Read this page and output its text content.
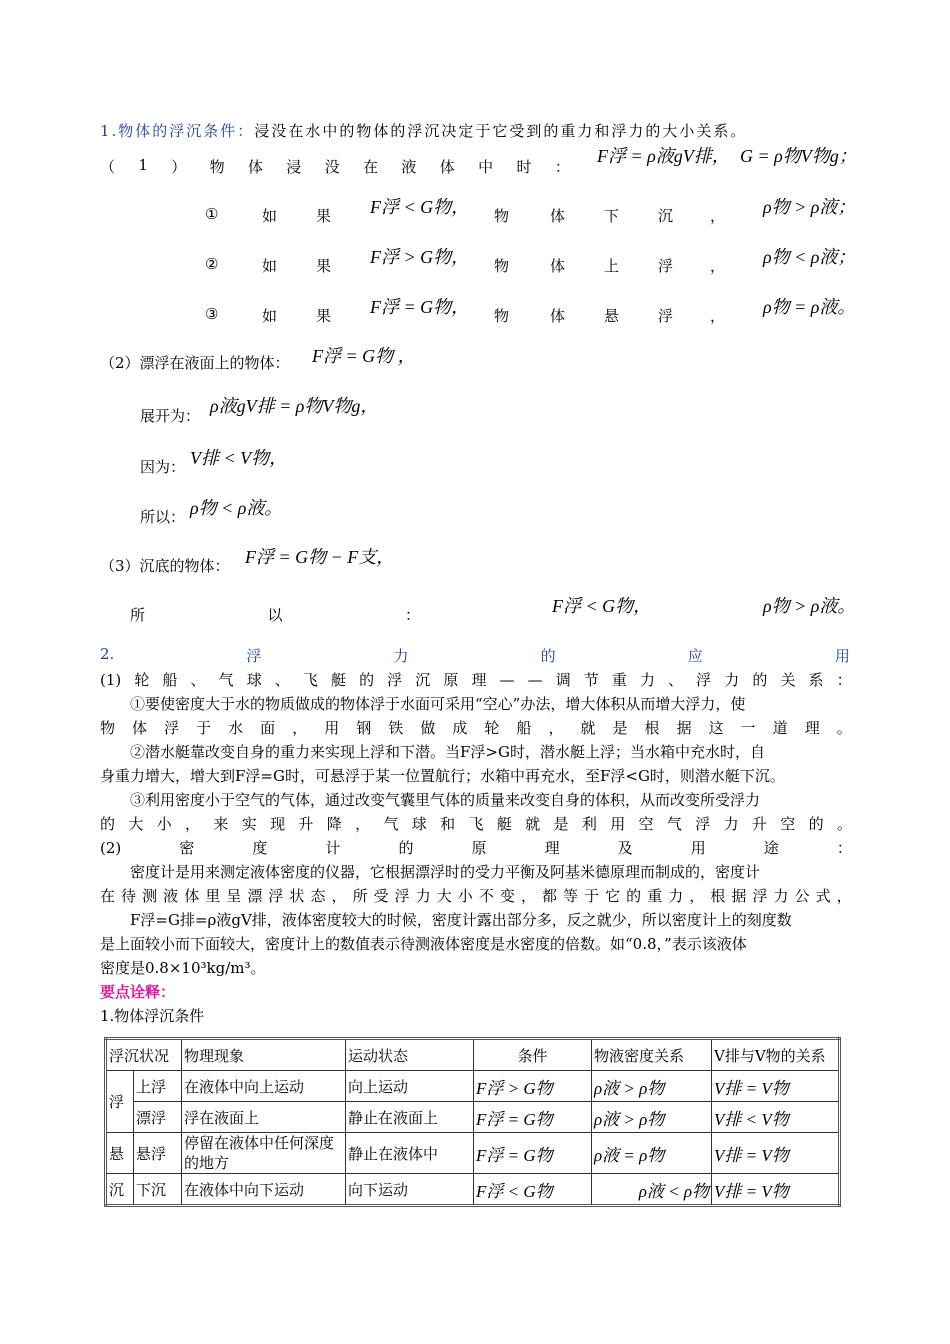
1.物体的浮沉条件：浸没在水中的物体的浮沉决定于它受到的重力和浮力的大小关系。
（ 1 ） 物 体 浸 没 在 液 体 中 时 ：
F浮 = ρ液gV排， G = ρ物V物g；
①	如	果 F浮 < G物， 物	体	下	沉 ， ρ物 > ρ液；
②	如	果 F浮 > G物， 物	体	上	浮 ， ρ物 < ρ液；
③	如	果 F浮 = G物， 物	体	悬	浮 ， ρ物 = ρ液。
（2）漂浮在液面上的物体： F浮 = G物 ，
展开为： ρ液gV排 = ρ物V物g，
因为： V排 < V物，
所以： ρ物 < ρ液。
（3）沉底的物体： F浮 = G物 − F支，
所	以	：	F浮 < G物，	ρ物 > ρ液。
2.	浮	力	的	应	用
(1) 轮 船 、 气 球 、 飞 艇 的 浮 沉 原 理 — — 调 节 重 力 、 浮 力 的 关 系 ：
　　①要使密度大于水的物质做成的物体浮于水面可采用“空心”办法，增大体积从而增大浮力，使
物 体 浮 于 水 面 ， 用 钢 铁 做 成 轮 船 ， 就 是 根 据 这 一 道 理 。
　　②潜水艇靠改变自身的重力来实现上浮和下潜。当F浮>G时，潜水艇上浮；当水箱中充水时，自
身重力增大，增大到F浮=G时，可悬浮于某一位置航行；水箱中再充水，至F浮<G时，则潜水艇下沉。
　　③利用密度小于空气的气体，通过改变气囊里气体的质量来改变自身的体积，从而改变所受浮力
的 大 小 ， 来 实 现 升 降 ， 气 球 和 飞 艇 就 是 利 用 空 气 浮 力 升 空 的 。
(2)	密	度	计	的	原	理	及	用	途	：
　　密度计是用来测定液体密度的仪器，它根据漂浮时的受力平衡及阿基米德原理而制成的，密度计
在 待 测 液 体 里 呈 漂 浮 状 态 ， 所 受 浮 力 大 小 不 变 ， 都 等 于 它 的 重 力 ， 根 据 浮 力 公 式 ，
　　F浮=G排=ρ液gV排，液体密度较大的时候，密度计露出部分多，反之就少，所以密度计上的刻度数
是上面较小而下面较大，密度计上的数值表示待测液体密度是水密度的倍数。如“0.8，”表示该液体
密度是0.8×10³kg/m³。
要点诠释：
1.物体浮沉条件
浮沉状况		物理现象	运动状态	条件	物液密度关系	V排与V物的关系
浮	上浮	在液体中向上运动	向上运动	F浮 > G物	ρ液 > ρ物	V排 = V物
	漂浮	浮在液面上	静止在液面上	F浮 = G物	ρ液 > ρ物	V排 < V物
悬	悬浮	停留在液体中任何深度的地方	静止在液体中	F浮 = G物	ρ液 = ρ物	V排 = V物
沉	下沉	在液体中向下运动	向下运动	F浮 < G物	ρ液 < ρ物	V排 = V物
